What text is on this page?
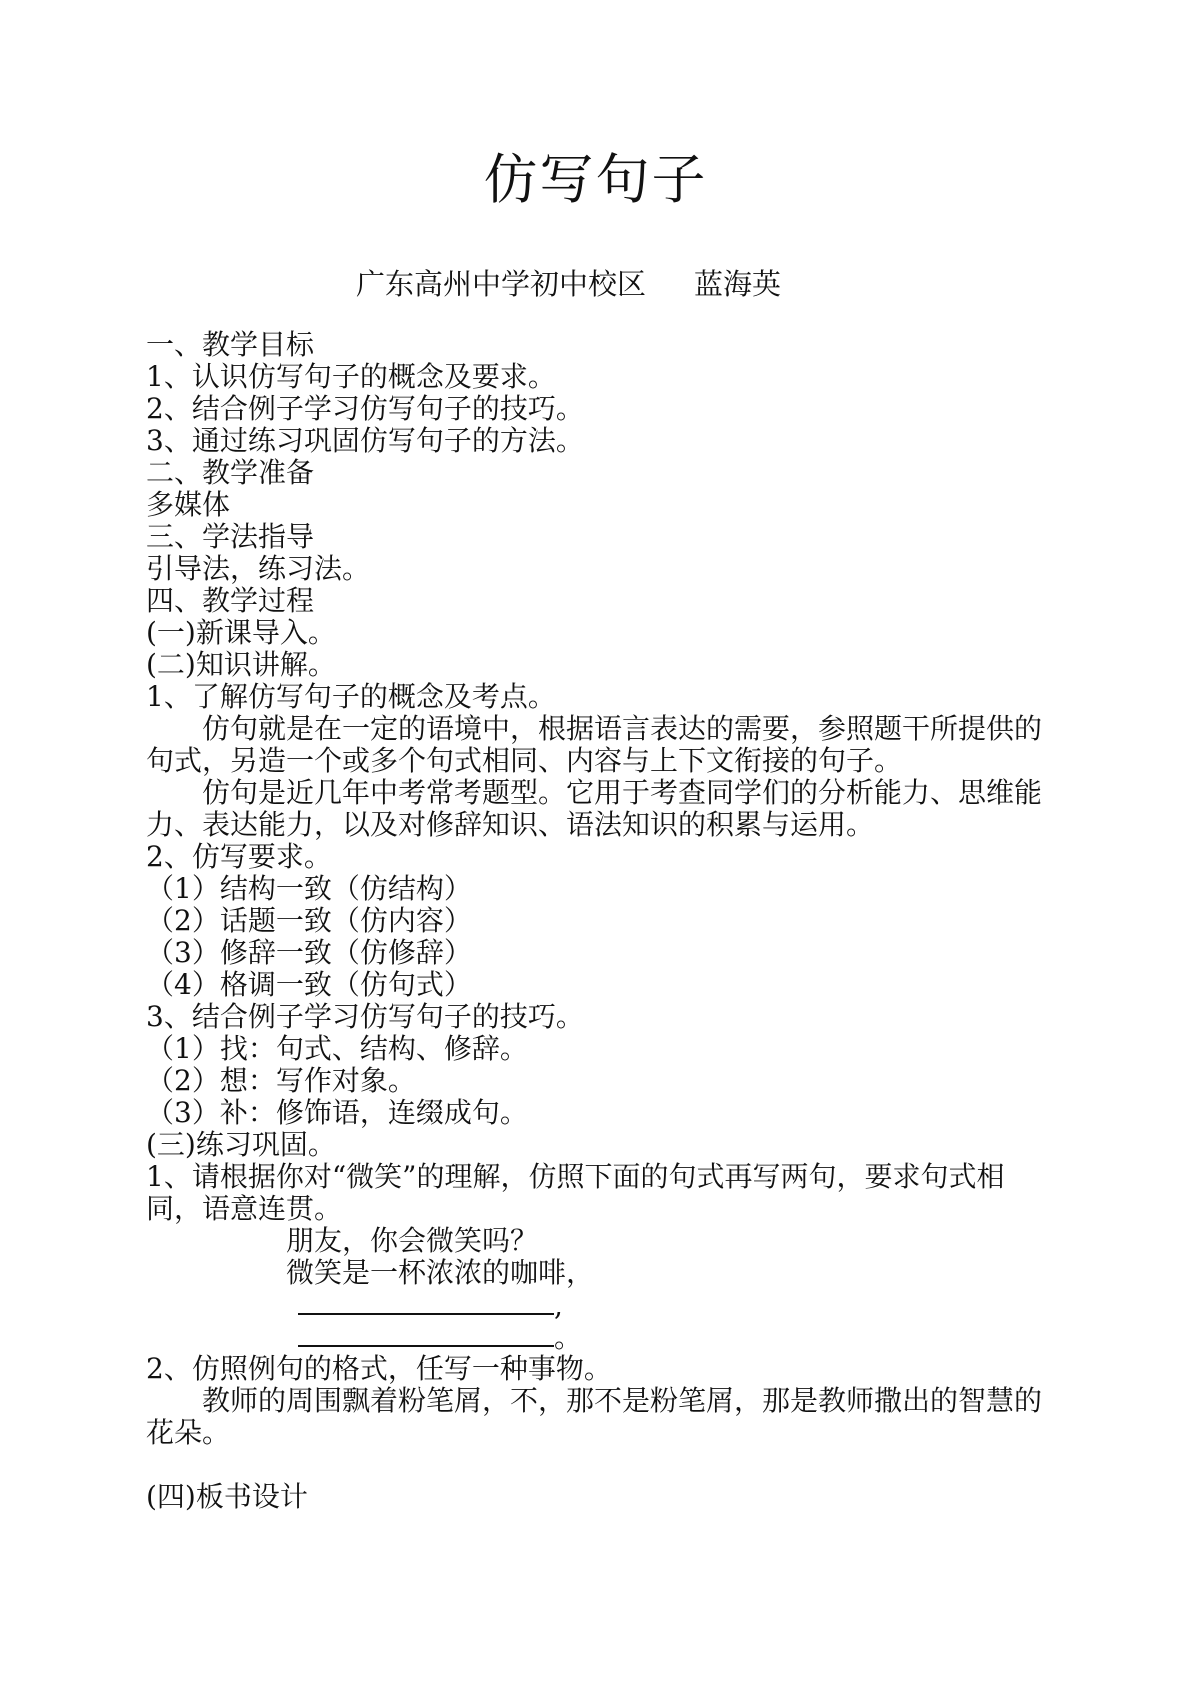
仿写句子

广东高州中学初中校区 蓝海英

一、教学目标
1、认识仿写句子的概念及要求。
2、结合例子学习仿写句子的技巧。
3、通过练习巩固仿写句子的方法。
二、教学准备
多媒体
三、学法指导
引导法，练习法。
四、教学过程
(一)新课导入。
(二)知识讲解。
1、了解仿写句子的概念及考点。
仿句就是在一定的语境中，根据语言表达的需要，参照题干所提供的
句式，另造一个或多个句式相同、内容与上下文衔接的句子。
仿句是近几年中考常考题型。它用于考查同学们的分析能力、思维能
力、表达能力，以及对修辞知识、语法知识的积累与运用。
2、仿写要求。
（1）结构一致（仿结构）
（2）话题一致（仿内容）
（3）修辞一致（仿修辞）
（4）格调一致（仿句式）
3、结合例子学习仿写句子的技巧。
（1）找：句式、结构、修辞。
（2）想：写作对象。
（3）补：修饰语，连缀成句。
(三)练习巩固。
1、请根据你对“微笑”的理解，仿照下面的句式再写两句，要求句式相
同，语意连贯。
朋友，你会微笑吗？
微笑是一杯浓浓的咖啡，
,
。
2、仿照例句的格式，任写一种事物。
教师的周围飘着粉笔屑，不，那不是粉笔屑，那是教师撒出的智慧的
花朵。
(四)板书设计
